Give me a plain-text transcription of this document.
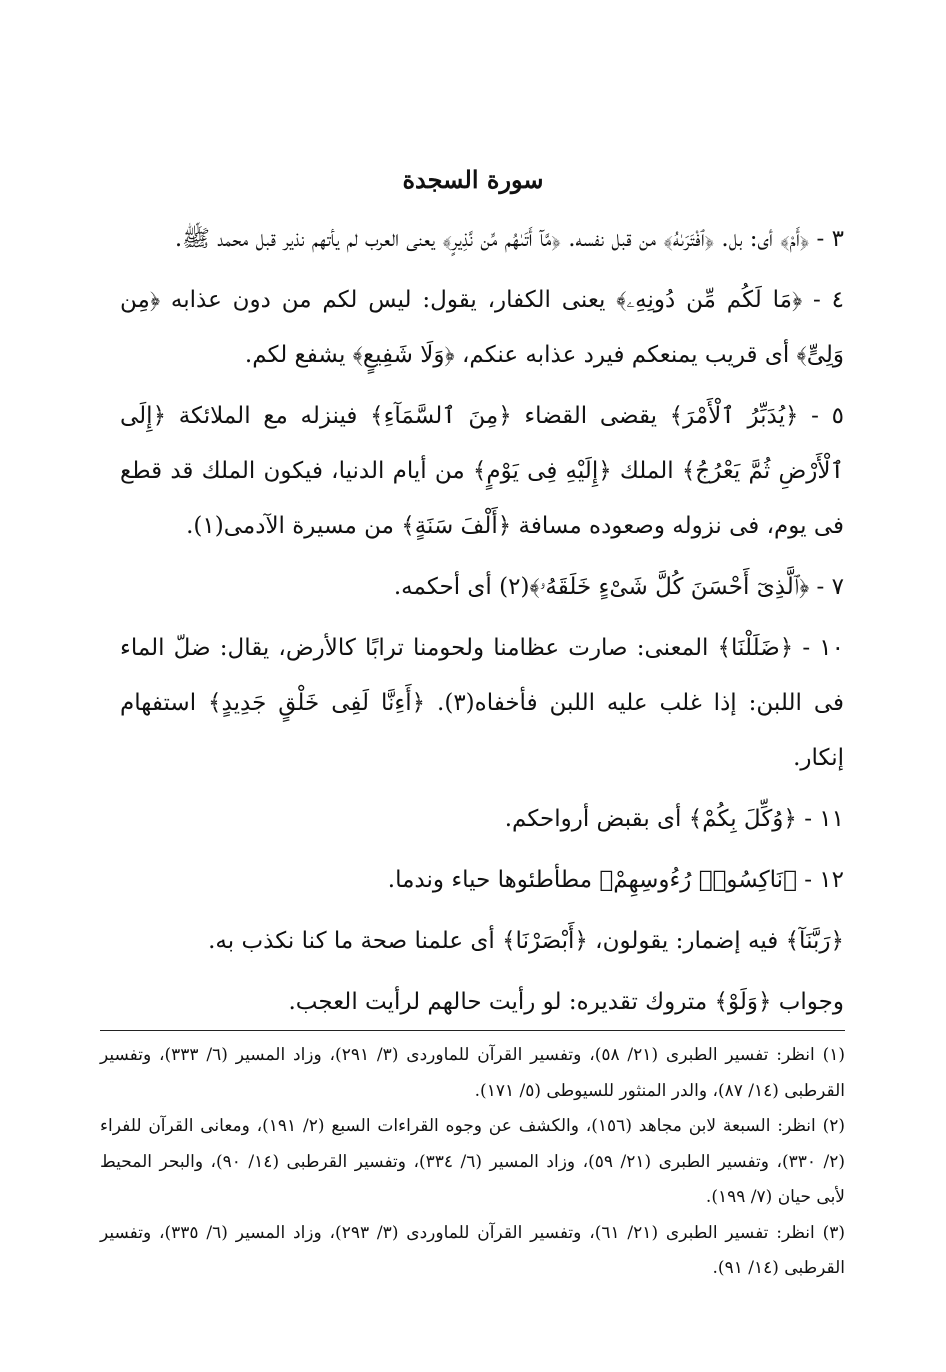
سورة السجدة

٣ - ﴿أَمْ﴾ أى: بل. ﴿ٱفْتَرَىٰهُ﴾ من قبل نفسه. ﴿مَّآ أَتَىٰهُم مِّن نَّذِيرٍ﴾ يعنى العرب لم يأتهم نذير قبل محمد ﷺ.

٤ - ﴿مَا لَكُم مِّن دُونِهِۦ﴾ يعنى الكفار، يقول: ليس لكم من دون عذابه ﴿مِن وَلِىٍّ﴾ أى قريب يمنعكم فيرد عذابه عنكم، ﴿وَلَا شَفِيعٍ﴾ يشفع لكم.

٥ - ﴿يُدَبِّرُ ٱلْأَمْرَ﴾ يقضى القضاء ﴿مِنَ ٱلسَّمَآءِ﴾ فينزله مع الملائكة ﴿إِلَى ٱلْأَرْضِ ثُمَّ يَعْرُجُ﴾ الملك ﴿إِلَيْهِ فِى يَوْمٍ﴾ من أيام الدنيا، فيكون الملك قد قطع فى يوم، فى نزوله وصعوده مسافة ﴿أَلْفَ سَنَةٍ﴾ من مسيرة الآدمى(١).

٧ - ﴿ٱلَّذِىٓ أَحْسَنَ كُلَّ شَىْءٍ خَلَقَهُۥ﴾(٢) أى أحكمه.

١٠ - ﴿ضَلَلْنَا﴾ المعنى: صارت عظامنا ولحومنا ترابًا كالأرض، يقال: ضلّ الماء فى اللبن: إذا غلب عليه اللبن فأخفاه(٣). ﴿أَءِنَّا لَفِى خَلْقٍ جَدِيدٍ﴾ استفهام إنكار.

١١ - ﴿وُكِّلَ بِكُمْ﴾ أى بقبض أرواحكم.

١٢ - ﴿نَاكِسُوا۟ رُءُوسِهِمْ﴾ مطأطئوها حياء وندما.

﴿رَبَّنَآ﴾ فيه إضمار: يقولون، ﴿أَبْصَرْنَا﴾ أى علمنا صحة ما كنا نكذب به.

وجواب ﴿وَلَوْ﴾ متروك تقديره: لو رأيت حالهم لرأيت العجب.

(١) انظر: تفسير الطبرى (٢١/ ٥٨)، وتفسير القرآن للماوردى (٣/ ٢٩١)، وزاد المسير (٦/ ٣٣٣)، وتفسير القرطبى (١٤/ ٨٧)، والدر المنثور للسيوطى (٥/ ١٧١).

(٢) انظر: السبعة لابن مجاهد (١٥٦)، والكشف عن وجوه القراءات السبع (٢/ ١٩١)، ومعانى القرآن للفراء (٢/ ٣٣٠)، وتفسير الطبرى (٢١/ ٥٩)، وزاد المسير (٦/ ٣٣٤)، وتفسير القرطبى (١٤/ ٩٠)، والبحر المحيط لأبى حيان (٧/ ١٩٩).

(٣) انظر: تفسير الطبرى (٢١/ ٦١)، وتفسير القرآن للماوردى (٣/ ٢٩٣)، وزاد المسير (٦/ ٣٣٥)، وتفسير القرطبى (١٤/ ٩١).
